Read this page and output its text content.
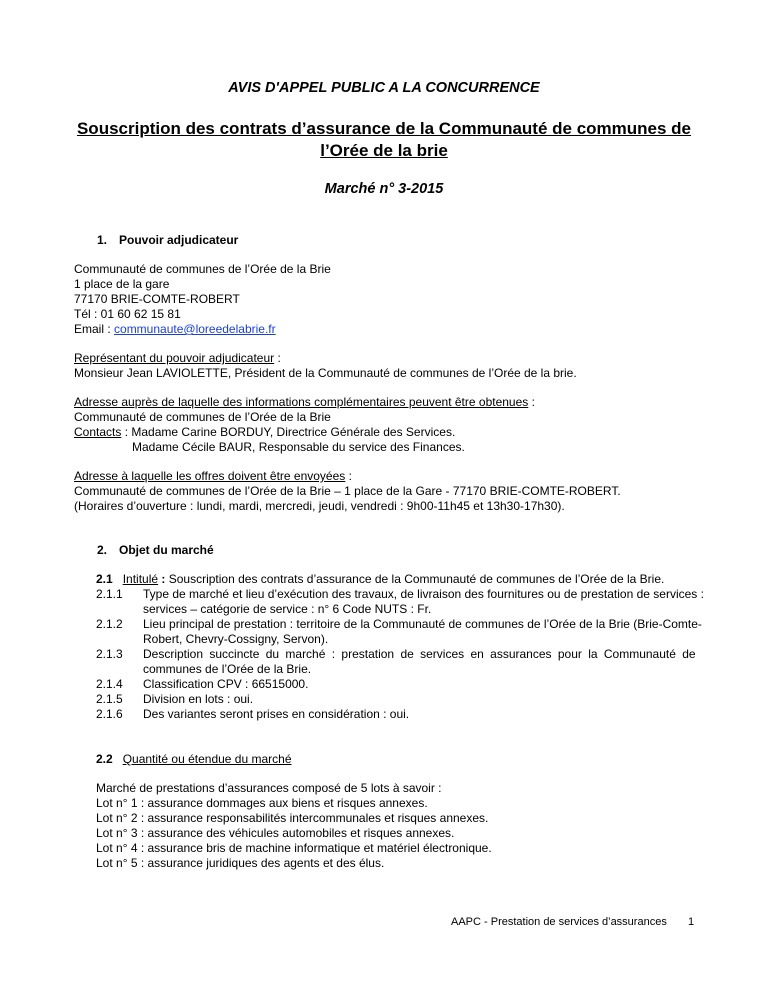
AVIS D'APPEL PUBLIC A LA CONCURRENCE
Souscription des contrats d’assurance de la Communauté de communes de l’Orée de la brie
Marché n° 3-2015
1. Pouvoir adjudicateur
Communauté de communes de l’Orée de la Brie
1 place de la gare
77170 BRIE-COMTE-ROBERT
Tél : 01 60 62 15 81
Email : communaute@loreedelabrie.fr
Représentant du pouvoir adjudicateur :
Monsieur Jean LAVIOLETTE, Président de la Communauté de communes de l’Orée de la brie.
Adresse auprès de laquelle des informations complémentaires peuvent être obtenues :
Communauté de communes de l’Orée de la Brie
Contacts : Madame Carine BORDUY, Directrice Générale des Services.
Madame Cécile BAUR, Responsable du service des Finances.
Adresse à laquelle les offres doivent être envoyées :
Communauté de communes de l’Orée de la Brie – 1 place de la Gare - 77170 BRIE-COMTE-ROBERT.
(Horaires d’ouverture : lundi, mardi, mercredi, jeudi, vendredi : 9h00-11h45 et 13h30-17h30).
2. Objet du marché
2.1 Intitulé : Souscription des contrats d’assurance de la Communauté de communes de l’Orée de la Brie.
2.1.1 Type de marché et lieu d’exécution des travaux, de livraison des fournitures ou de prestation de services :
services – catégorie de service : n° 6 Code NUTS : Fr.
2.1.2 Lieu principal de prestation : territoire de la Communauté de communes de l’Orée de la Brie (Brie-Comte-
Robert, Chevry-Cossigny, Servon).
2.1.3 Description succincte du marché : prestation de services en assurances pour la Communauté de
communes de l’Orée de la Brie.
2.1.4 Classification CPV : 66515000.
2.1.5 Division en lots : oui.
2.1.6 Des variantes seront prises en considération : oui.
2.2 Quantité ou étendue du marché
Marché de prestations d’assurances composé de 5 lots à savoir :
Lot n° 1 : assurance dommages aux biens et risques annexes.
Lot n° 2 : assurance responsabilités intercommunales et risques annexes.
Lot n° 3 : assurance des véhicules automobiles et risques annexes.
Lot n° 4 : assurance bris de machine informatique et matériel électronique.
Lot n° 5 : assurance juridiques des agents et des élus.
AAPC - Prestation de services d’assurances 1
